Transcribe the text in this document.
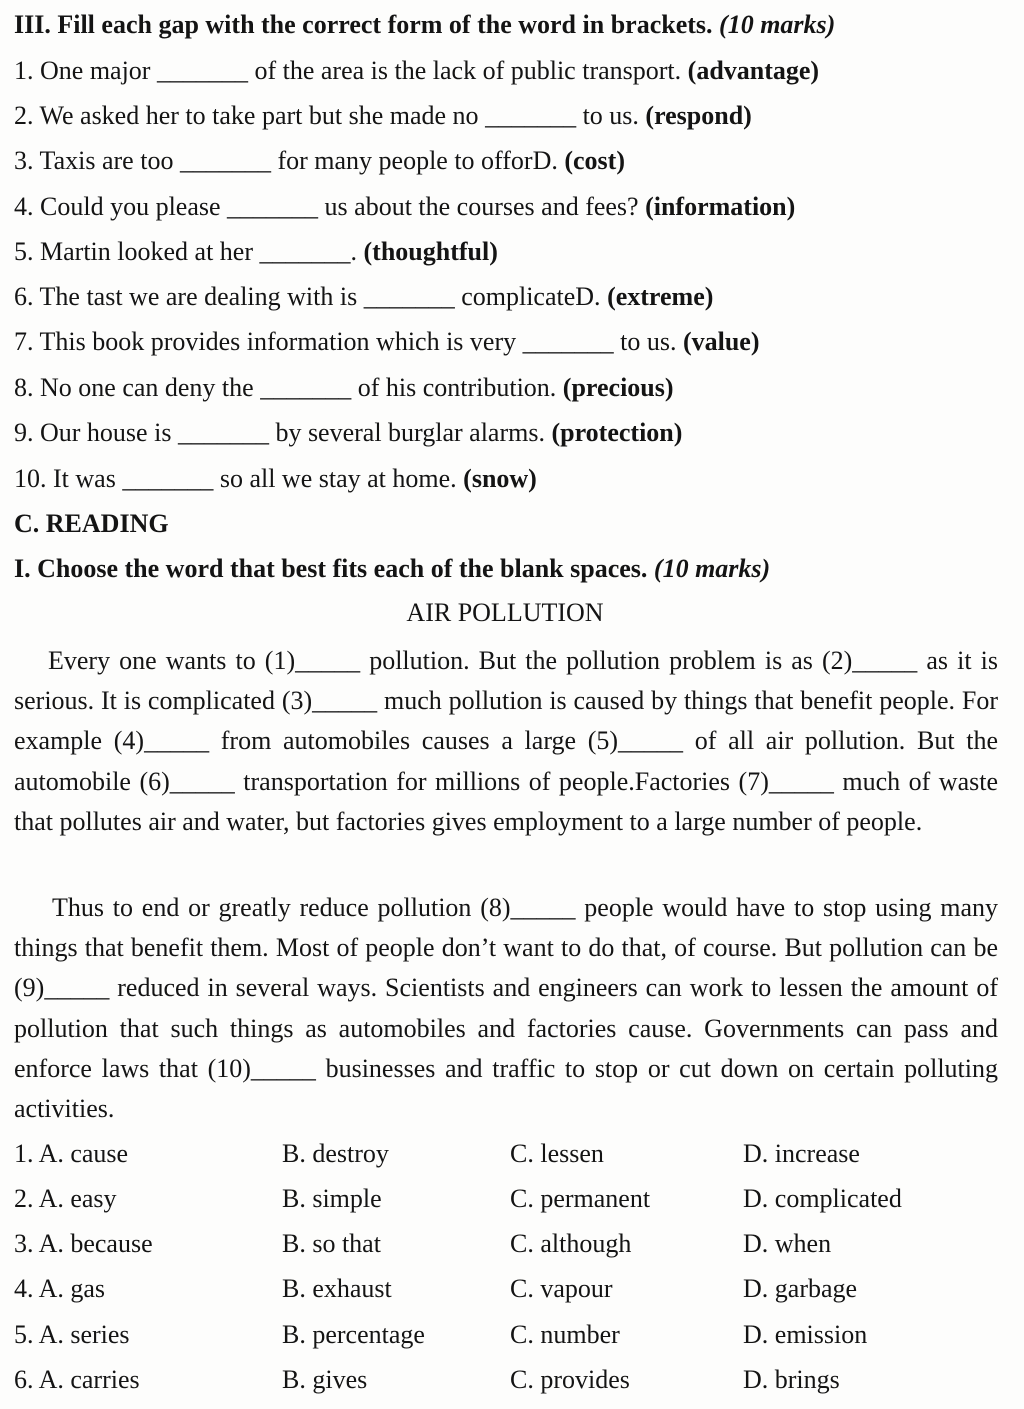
III. Fill each gap with the correct form of the word in brackets. (10 marks)
1. One major _______ of the area is the lack of public transport. (advantage)
2. We asked her to take part but she made no _______ to us. (respond)
3. Taxis are too _______ for many people to offorD. (cost)
4. Could you please _______ us about the courses and fees? (information)
5. Martin looked at her _______. (thoughtful)
6. The tast we are dealing with is _______ complicateD. (extreme)
7. This book provides information which is very _______ to us. (value)
8. No one can deny the _______ of his contribution. (precious)
9. Our house is _______ by several burglar alarms. (protection)
10. It was _______ so all we stay at home. (snow)
C. READING
I. Choose the word that best fits each of the blank spaces. (10 marks)
AIR POLLUTION
Every one wants to (1)_____ pollution. But the pollution problem is as (2)_____ as it is serious. It is complicated (3)_____ much pollution is caused by things that benefit people. For example (4)_____ from automobiles causes a large (5)_____ of all air pollution. But the automobile (6)_____ transportation for millions of people.Factories (7)_____ much of waste that pollutes air and water, but factories gives employment to a large number of people.
Thus to end or greatly reduce pollution (8)_____ people would have to stop using many things that benefit them. Most of people don’t want to do that, of course. But pollution can be (9)_____ reduced in several ways. Scientists and engineers can work to lessen the amount of pollution that such things as automobiles and factories cause. Governments can pass and enforce laws that (10)_____ businesses and traffic to stop or cut down on certain polluting activities.
1. A. cause	B. destroy	C. lessen	D. increase
2. A. easy	B. simple	C. permanent	D. complicated
3. A. because	B. so that	C. although	D. when
4. A. gas	B. exhaust	C. vapour	D. garbage
5. A. series	B. percentage	C. number	D. emission
6. A. carries	B. gives	C. provides	D. brings
